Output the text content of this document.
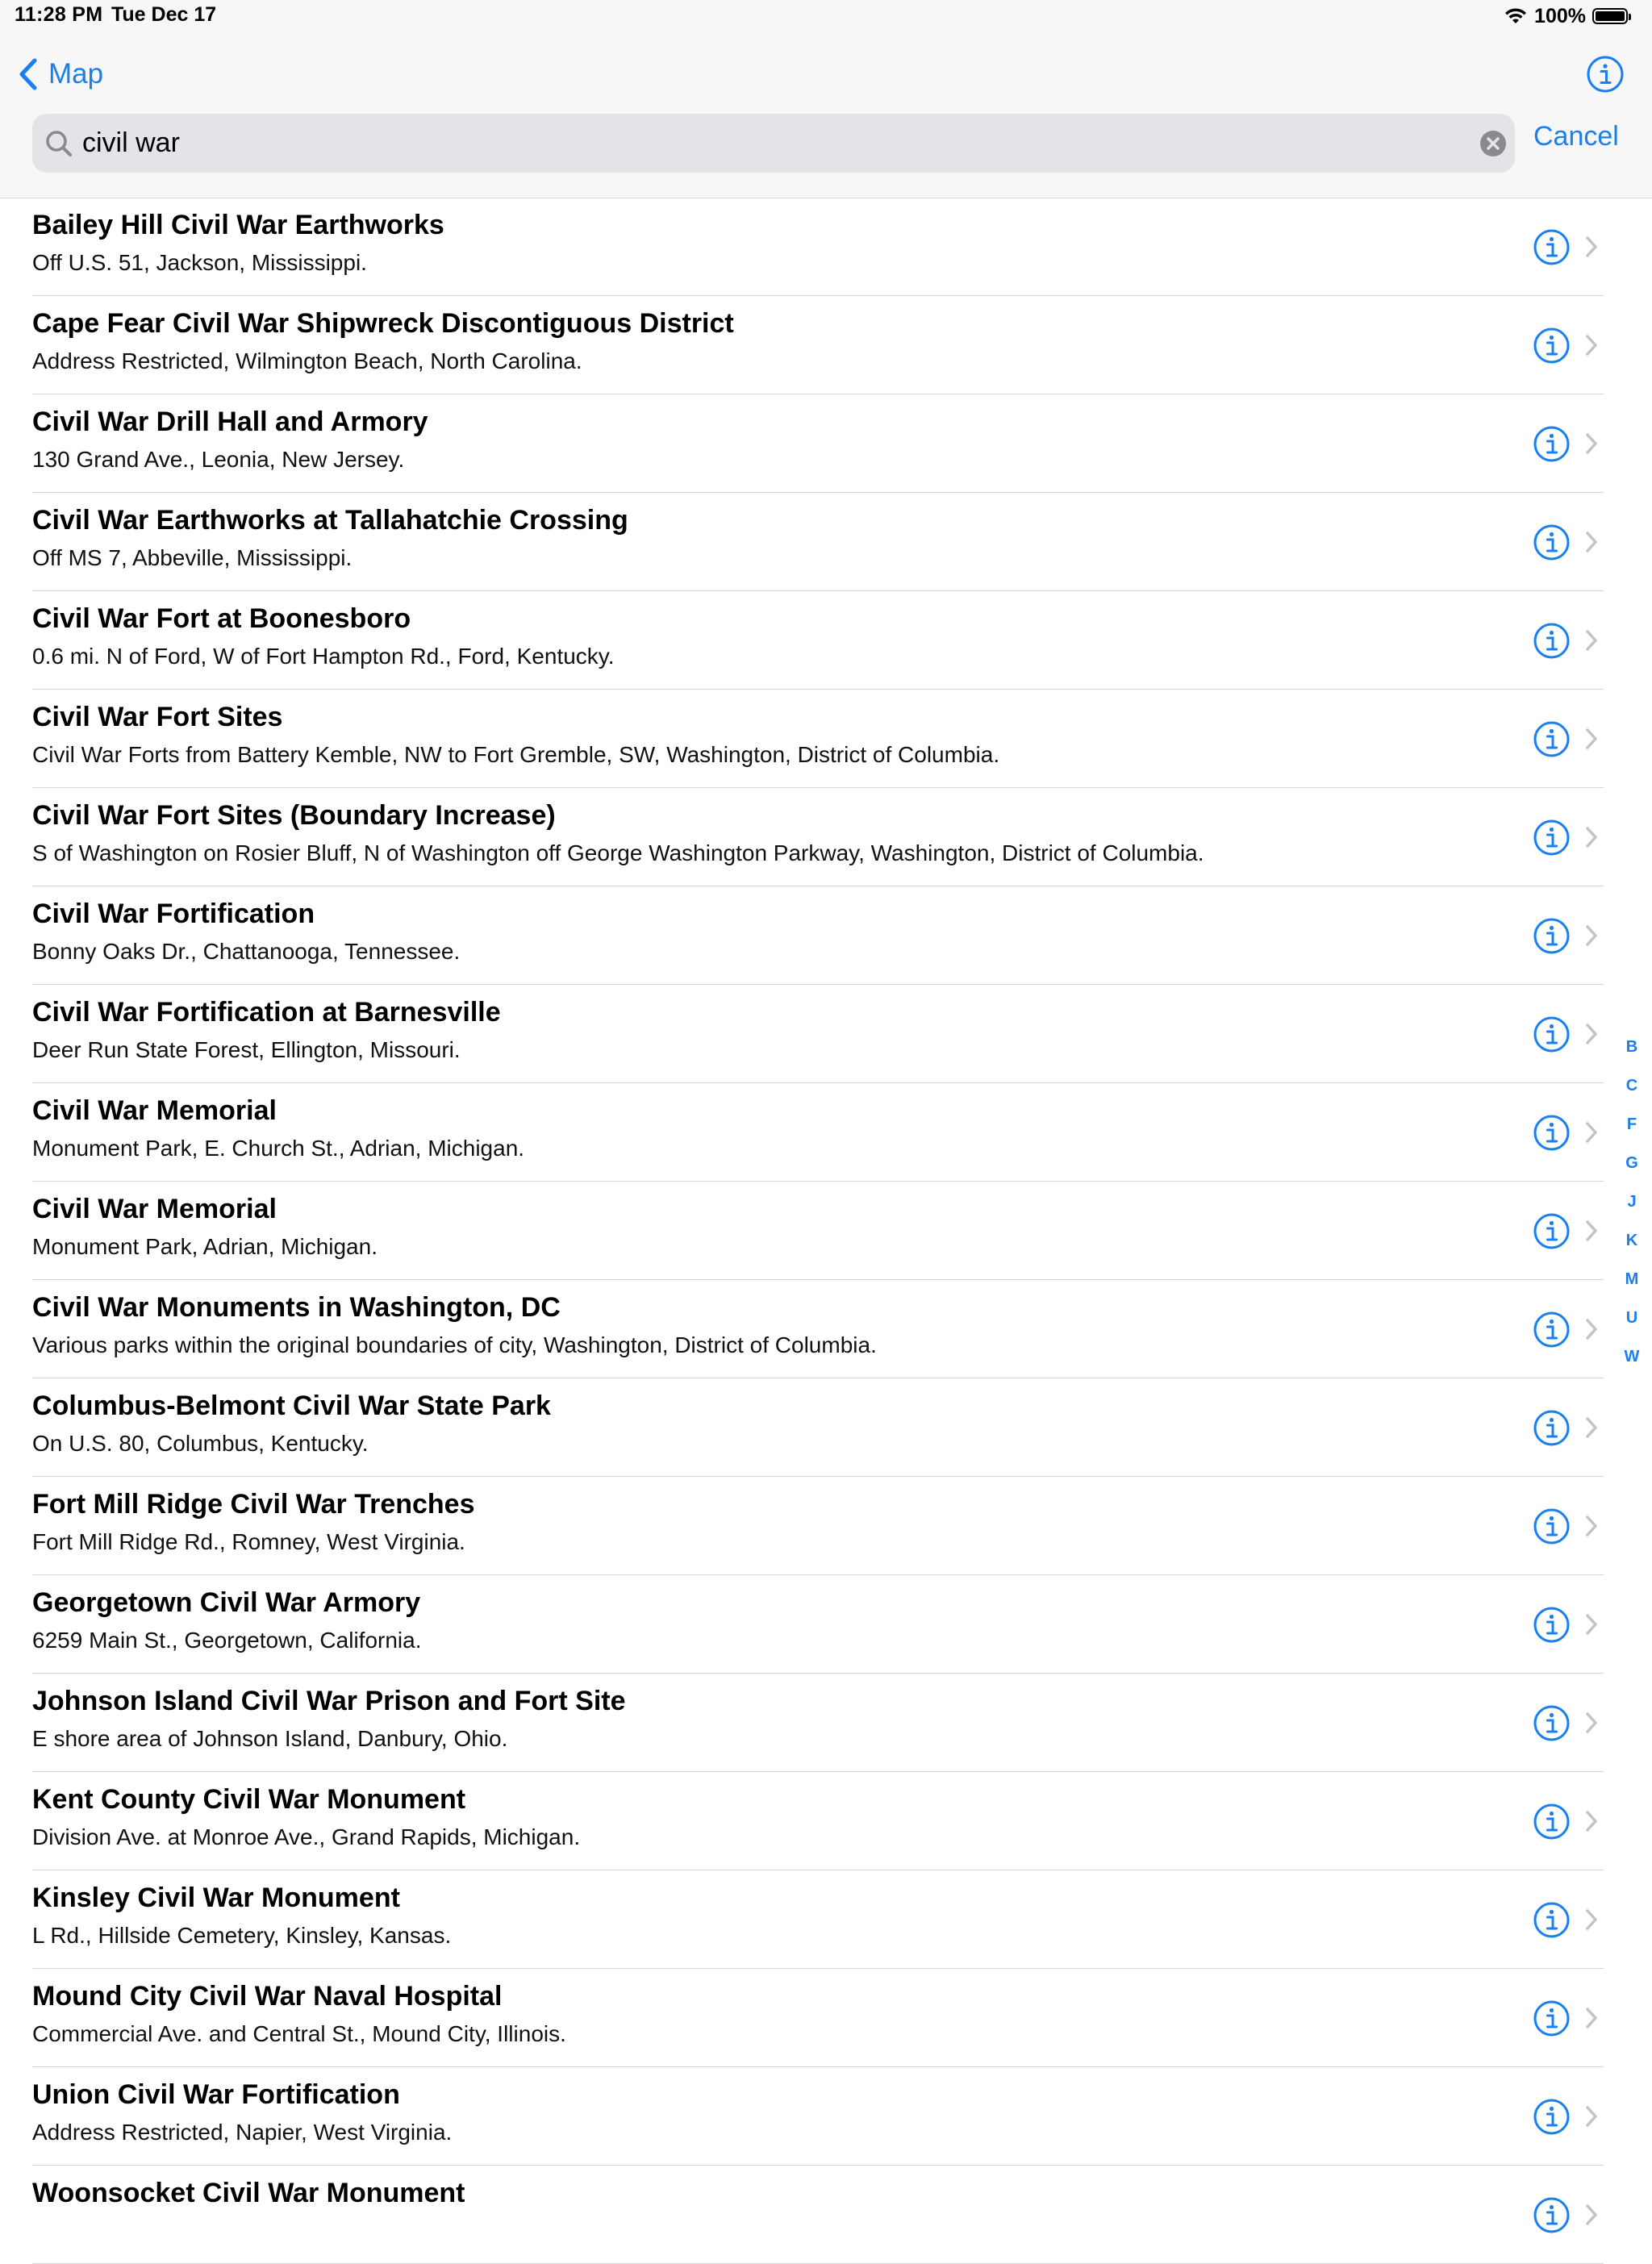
11:28 PM Tue Dec 17	100%
Map
civil war
Cancel
Bailey Hill Civil War Earthworks
Off U.S. 51, Jackson, Mississippi.
Cape Fear Civil War Shipwreck Discontiguous District
Address Restricted, Wilmington Beach, North Carolina.
Civil War Drill Hall and Armory
130 Grand Ave., Leonia, New Jersey.
Civil War Earthworks at Tallahatchie Crossing
Off MS 7, Abbeville, Mississippi.
Civil War Fort at Boonesboro
0.6 mi. N of Ford, W of Fort Hampton Rd., Ford, Kentucky.
Civil War Fort Sites
Civil War Forts from Battery Kemble, NW to Fort Gremble, SW, Washington, District of Columbia.
Civil War Fort Sites (Boundary Increase)
S of Washington on Rosier Bluff, N of Washington off George Washington Parkway, Washington, District of Columbia.
Civil War Fortification
Bonny Oaks Dr., Chattanooga, Tennessee.
Civil War Fortification at Barnesville
Deer Run State Forest, Ellington, Missouri.
Civil War Memorial
Monument Park, E. Church St., Adrian, Michigan.
Civil War Memorial
Monument Park, Adrian, Michigan.
Civil War Monuments in Washington, DC
Various parks within the original boundaries of city, Washington, District of Columbia.
Columbus-Belmont Civil War State Park
On U.S. 80, Columbus, Kentucky.
Fort Mill Ridge Civil War Trenches
Fort Mill Ridge Rd., Romney, West Virginia.
Georgetown Civil War Armory
6259 Main St., Georgetown, California.
Johnson Island Civil War Prison and Fort Site
E shore area of Johnson Island, Danbury, Ohio.
Kent County Civil War Monument
Division Ave. at Monroe Ave., Grand Rapids, Michigan.
Kinsley Civil War Monument
L Rd., Hillside Cemetery, Kinsley, Kansas.
Mound City Civil War Naval Hospital
Commercial Ave. and Central St., Mound City, Illinois.
Union Civil War Fortification
Address Restricted, Napier, West Virginia.
Woonsocket Civil War Monument
B
C
F
G
J
K
M
U
W
